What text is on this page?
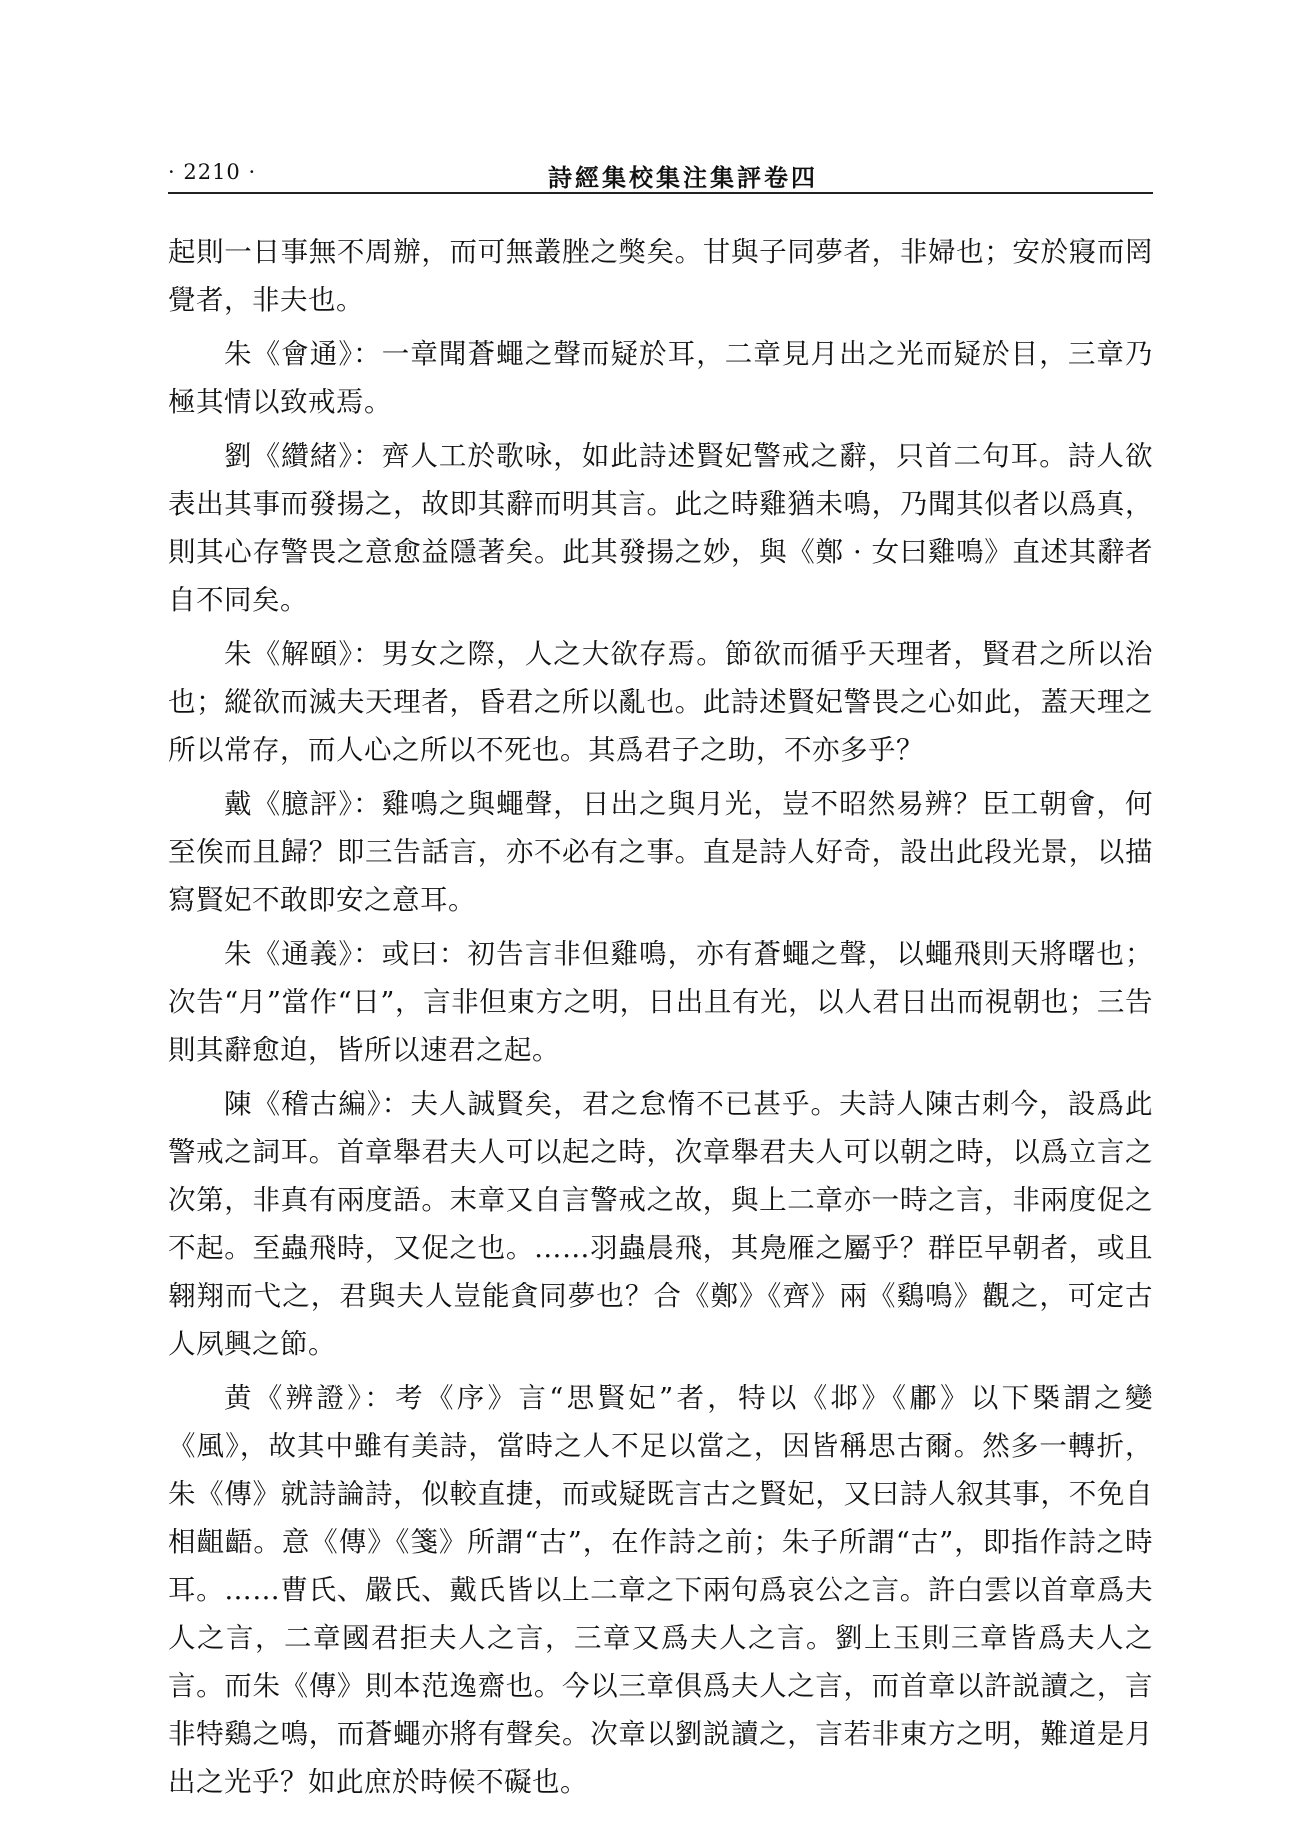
· 2210 ·	詩經集校集注集評卷四

起則一日事無不周辦，而可無叢脞之獘矣。甘與子同夢者，非婦也；安於寢而罔覺者，非夫也。

朱《會通》：一章聞蒼蠅之聲而疑於耳，二章見月出之光而疑於目，三章乃極其情以致戒焉。

劉《纘緒》：齊人工於歌咏，如此詩述賢妃警戒之辭，只首二句耳。詩人欲表出其事而發揚之，故即其辭而明其言。此之時雞猶未鳴，乃聞其似者以爲真，則其心存警畏之意愈益隱著矣。此其發揚之妙，與《鄭 · 女曰雞鳴》直述其辭者自不同矣。

朱《解頤》：男女之際，人之大欲存焉。節欲而循乎天理者，賢君之所以治也；縱欲而滅夫天理者，昏君之所以亂也。此詩述賢妃警畏之心如此，蓋天理之所以常存，而人心之所以不死也。其爲君子之助，不亦多乎？

戴《臆評》：雞鳴之與蠅聲，日出之與月光，豈不昭然易辨？臣工朝會，何至俟而且歸？即三告話言，亦不必有之事。直是詩人好奇，設出此段光景，以描寫賢妃不敢即安之意耳。

朱《通義》：或曰：初告言非但雞鳴，亦有蒼蠅之聲，以蠅飛則天將曙也；次告“月”當作“日”，言非但東方之明，日出且有光，以人君日出而視朝也；三告則其辭愈迫，皆所以速君之起。

陳《稽古編》：夫人誠賢矣，君之怠惰不已甚乎。夫詩人陳古刺今，設爲此警戒之詞耳。首章舉君夫人可以起之時，次章舉君夫人可以朝之時，以爲立言之次第，非真有兩度語。末章又自言警戒之故，與上二章亦一時之言，非兩度促之不起。至蟲飛時，又促之也。……羽蟲晨飛，其鳧雁之屬乎？群臣早朝者，或且翱翔而弋之，君與夫人豈能貪同夢也？合《鄭》《齊》兩《鷄鳴》觀之，可定古人夙興之節。

黄《辨證》：考《序》言“思賢妃”者，特以《邶》《鄘》以下槩謂之變《風》，故其中雖有美詩，當時之人不足以當之，因皆稱思古爾。然多一轉折，朱《傳》就詩論詩，似較直捷，而或疑既言古之賢妃，又曰詩人叙其事，不免自相齟齬。意《傳》《箋》所謂“古”，在作詩之前；朱子所謂“古”，即指作詩之時耳。……曹氏、嚴氏、戴氏皆以上二章之下兩句爲哀公之言。許白雲以首章爲夫人之言，二章國君拒夫人之言，三章又爲夫人之言。劉上玉則三章皆爲夫人之言。而朱《傳》則本范逸齋也。今以三章俱爲夫人之言，而首章以許説讀之，言非特鷄之鳴，而蒼蠅亦將有聲矣。次章以劉説讀之，言若非東方之明，難道是月出之光乎？如此庶於時候不礙也。
